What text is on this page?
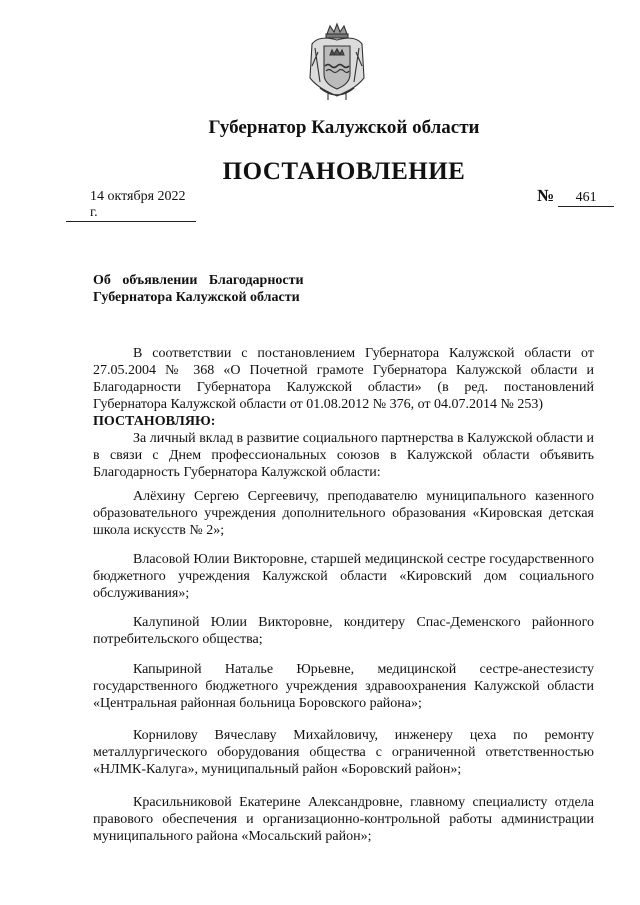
Губернатор Калужской области
ПОСТАНОВЛЕНИЕ
14 октября 2022 г.
№ 461
Об объявлении Благодарности
Губернатора Калужской области

В соответствии с постановлением Губернатора Калужской области от 27.05.2004 № 368 «О Почетной грамоте Губернатора Калужской области и Благодарности Губернатора Калужской области» (в ред. постановлений Губернатора Калужской области от 01.08.2012 № 376, от 04.07.2014 № 253)

ПОСТАНОВЛЯЮ:

За личный вклад в развитие социального партнерства в Калужской области и в связи с Днем профессиональных союзов в Калужской области объявить Благодарность Губернатора Калужской области:

Алёхину Сергею Сергеевичу, преподавателю муниципального казенного образовательного учреждения дополнительного образования «Кировская детская школа искусств № 2»;

Власовой Юлии Викторовне, старшей медицинской сестре государственного бюджетного учреждения Калужской области «Кировский дом социального обслуживания»;

Калупиной Юлии Викторовне, кондитеру Спас-Деменского районного потребительского общества;

Капыриной Наталье Юрьевне, медицинской сестре-анестезисту государственного бюджетного учреждения здравоохранения Калужской области «Центральная районная больница Боровского района»;

Корнилову Вячеславу Михайловичу, инженеру цеха по ремонту металлургического оборудования общества с ограниченной ответственностью «НЛМК-Калуга», муниципальный район «Боровский район»;

Красильниковой Екатерине Александровне, главному специалисту отдела правового обеспечения и организационно-контрольной работы администрации муниципального района «Мосальский район»;
